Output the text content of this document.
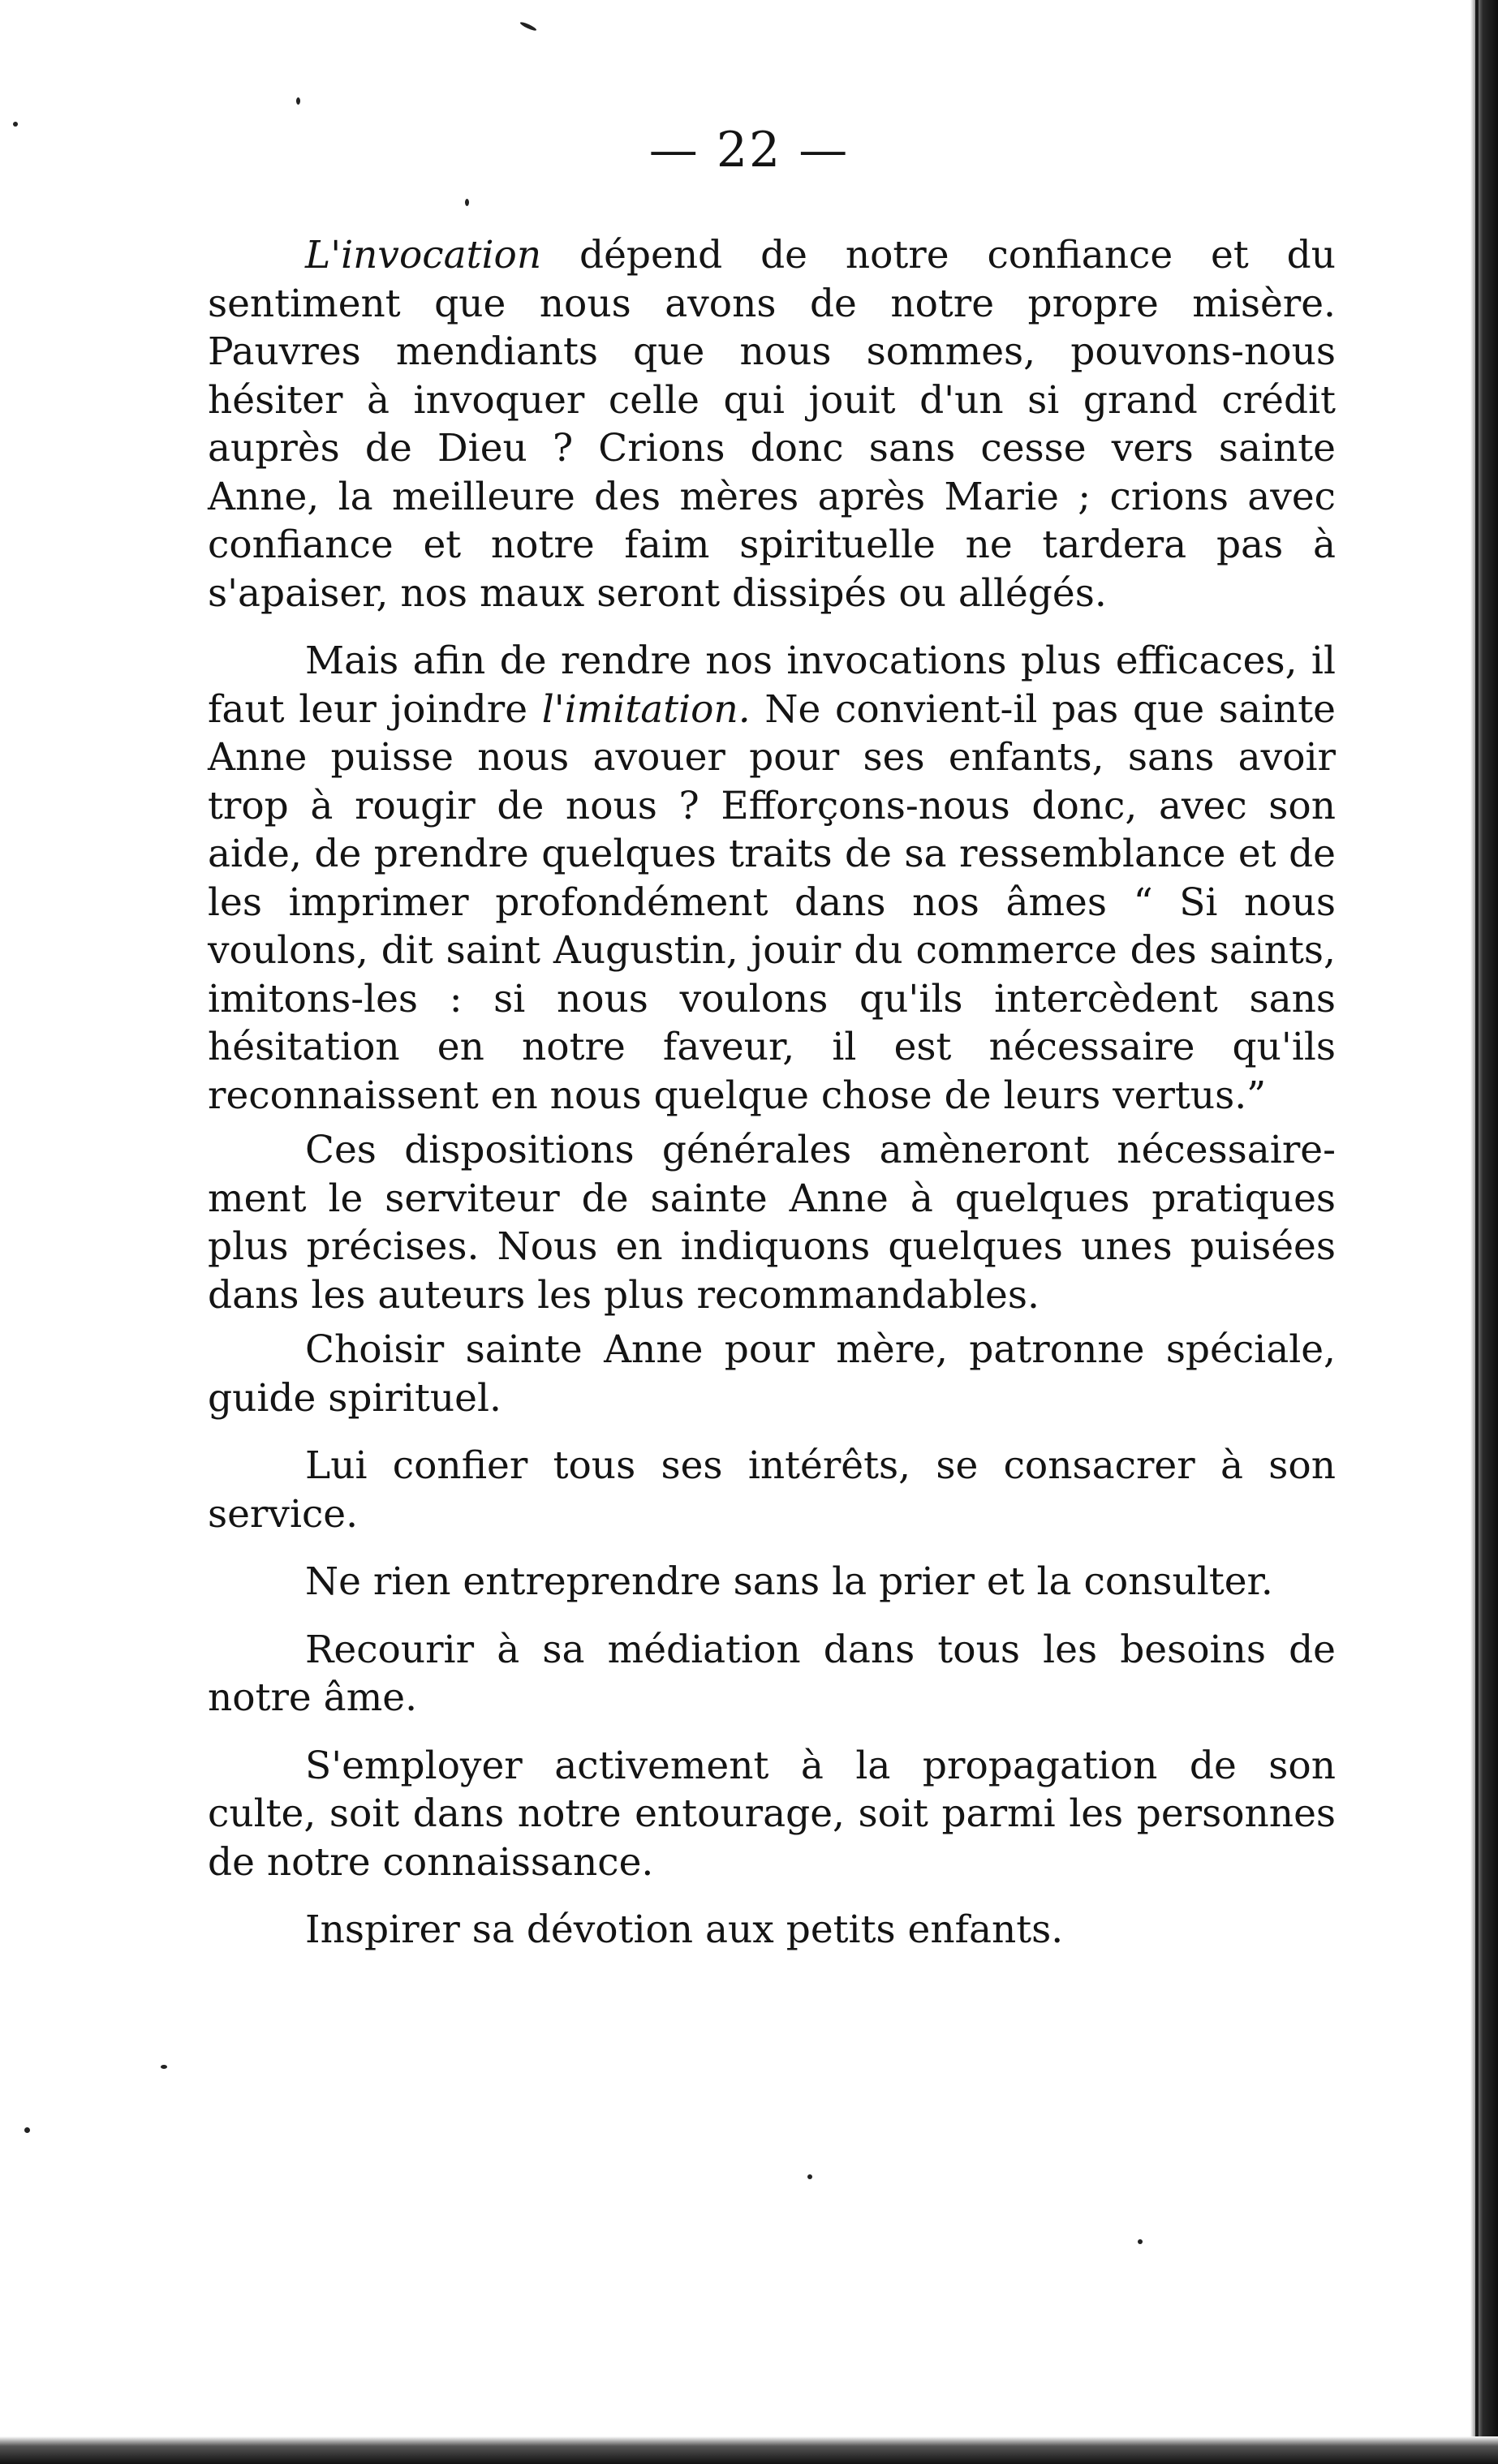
— 22 —

L'invocation dépend de notre confiance et du sentiment que nous avons de notre propre misère. Pauvres mendiants que nous sommes, pouvons-nous hésiter à invoquer celle qui jouit d'un si grand crédit auprès de Dieu ? Crions donc sans cesse vers sainte Anne, la meilleure des mères après Marie ; crions avec confiance et notre faim spirituelle ne tardera pas à s'apaiser, nos maux seront dissipés ou allégés.

Mais afin de rendre nos invocations plus efficaces, il faut leur joindre l'imitation. Ne convient-il pas que sainte Anne puisse nous avouer pour ses enfants, sans avoir trop à rougir de nous ? Efforçons-nous donc, avec son aide, de prendre quelques traits de sa ressemblance et de les imprimer profondément dans nos âmes “ Si nous voulons, dit saint Augustin, jouir du commerce des saints, imitons-les : si nous voulons qu'ils intercèdent sans hésitation en notre faveur, il est nécessaire qu'ils reconnaissent en nous quelque chose de leurs vertus.”

Ces dispositions générales amèneront nécessairement le serviteur de sainte Anne à quelques pratiques plus précises. Nous en indiquons quelques unes puisées dans les auteurs les plus recommandables.

Choisir sainte Anne pour mère, patronne spéciale, guide spirituel.

Lui confier tous ses intérêts, se consacrer à son service.

Ne rien entreprendre sans la prier et la consulter.

Recourir à sa médiation dans tous les besoins de notre âme.

S'employer activement à la propagation de son culte, soit dans notre entourage, soit parmi les personnes de notre connaissance.

Inspirer sa dévotion aux petits enfants.
